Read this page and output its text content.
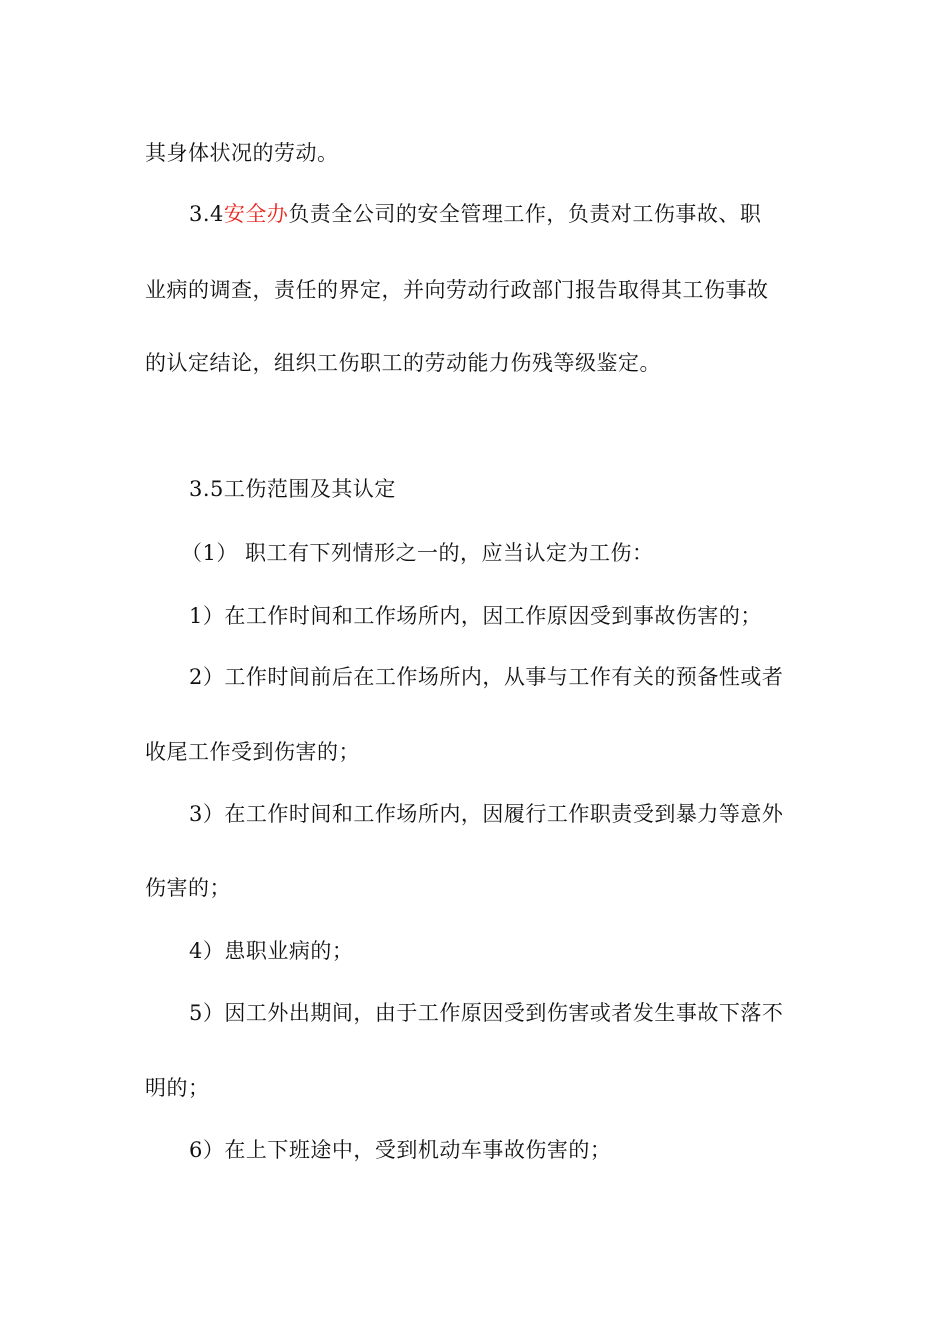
其身体状况的劳动。
3.4安全办负责全公司的安全管理工作，负责对工伤事故、职
业病的调查，责任的界定，并向劳动行政部门报告取得其工伤事故
的认定结论，组织工伤职工的劳动能力伤残等级鉴定。
3.5工伤范围及其认定
（1） 职工有下列情形之一的，应当认定为工伤：
1）在工作时间和工作场所内，因工作原因受到事故伤害的；
2）工作时间前后在工作场所内，从事与工作有关的预备性或者
收尾工作受到伤害的；
3）在工作时间和工作场所内，因履行工作职责受到暴力等意外
伤害的；
4）患职业病的；
5）因工外出期间，由于工作原因受到伤害或者发生事故下落不
明的；
6）在上下班途中，受到机动车事故伤害的；
